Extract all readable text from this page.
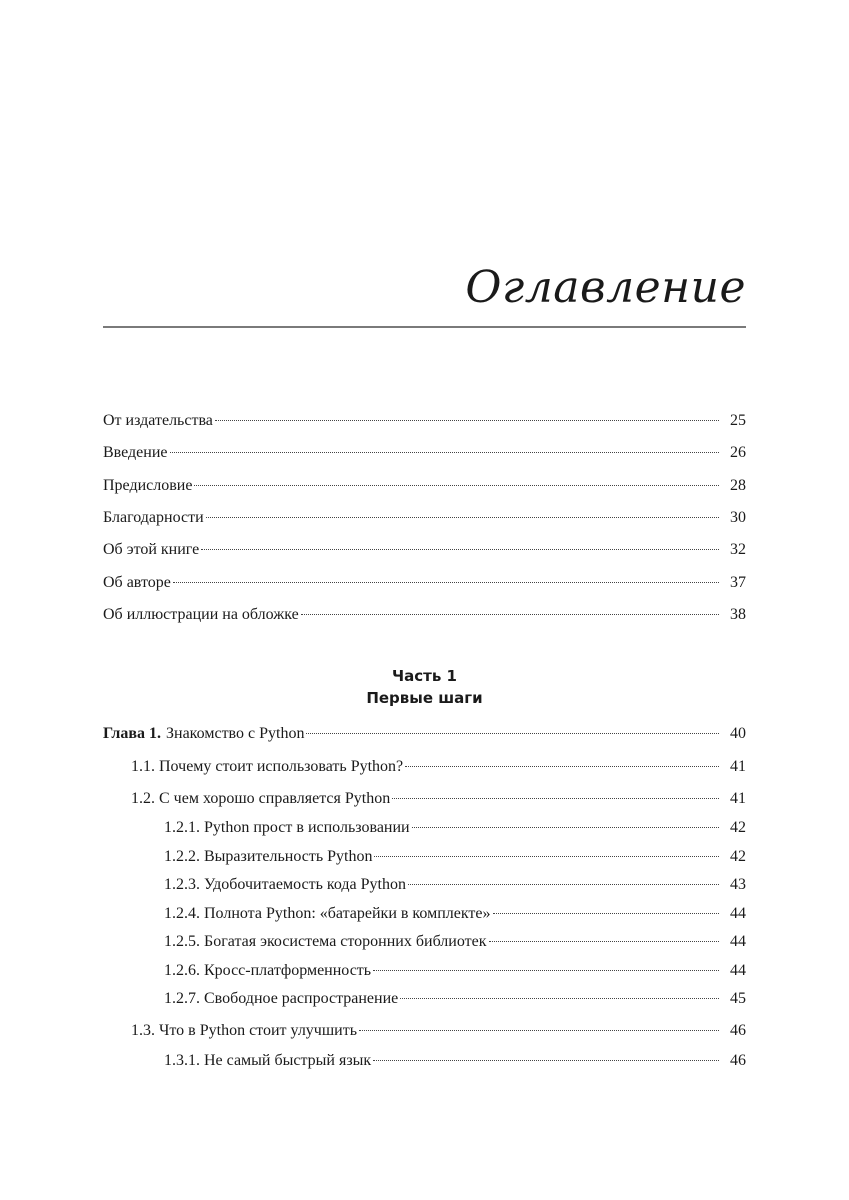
Оглавление
От издательства	25
Введение	26
Предисловие	28
Благодарности	30
Об этой книге	32
Об авторе	37
Об иллюстрации на обложке	38
Часть 1
Первые шаги
Глава 1. Знакомство с Python	40
1.1. Почему стоит использовать Python?	41
1.2. С чем хорошо справляется Python	41
1.2.1. Python прост в использовании	42
1.2.2. Выразительность Python	42
1.2.3. Удобочитаемость кода Python	43
1.2.4. Полнота Python: «батарейки в комплекте»	44
1.2.5. Богатая экосистема сторонних библиотек	44
1.2.6. Кросс-платформенность	44
1.2.7. Свободное распространение	45
1.3. Что в Python стоит улучшить	46
1.3.1. Не самый быстрый язык	46
